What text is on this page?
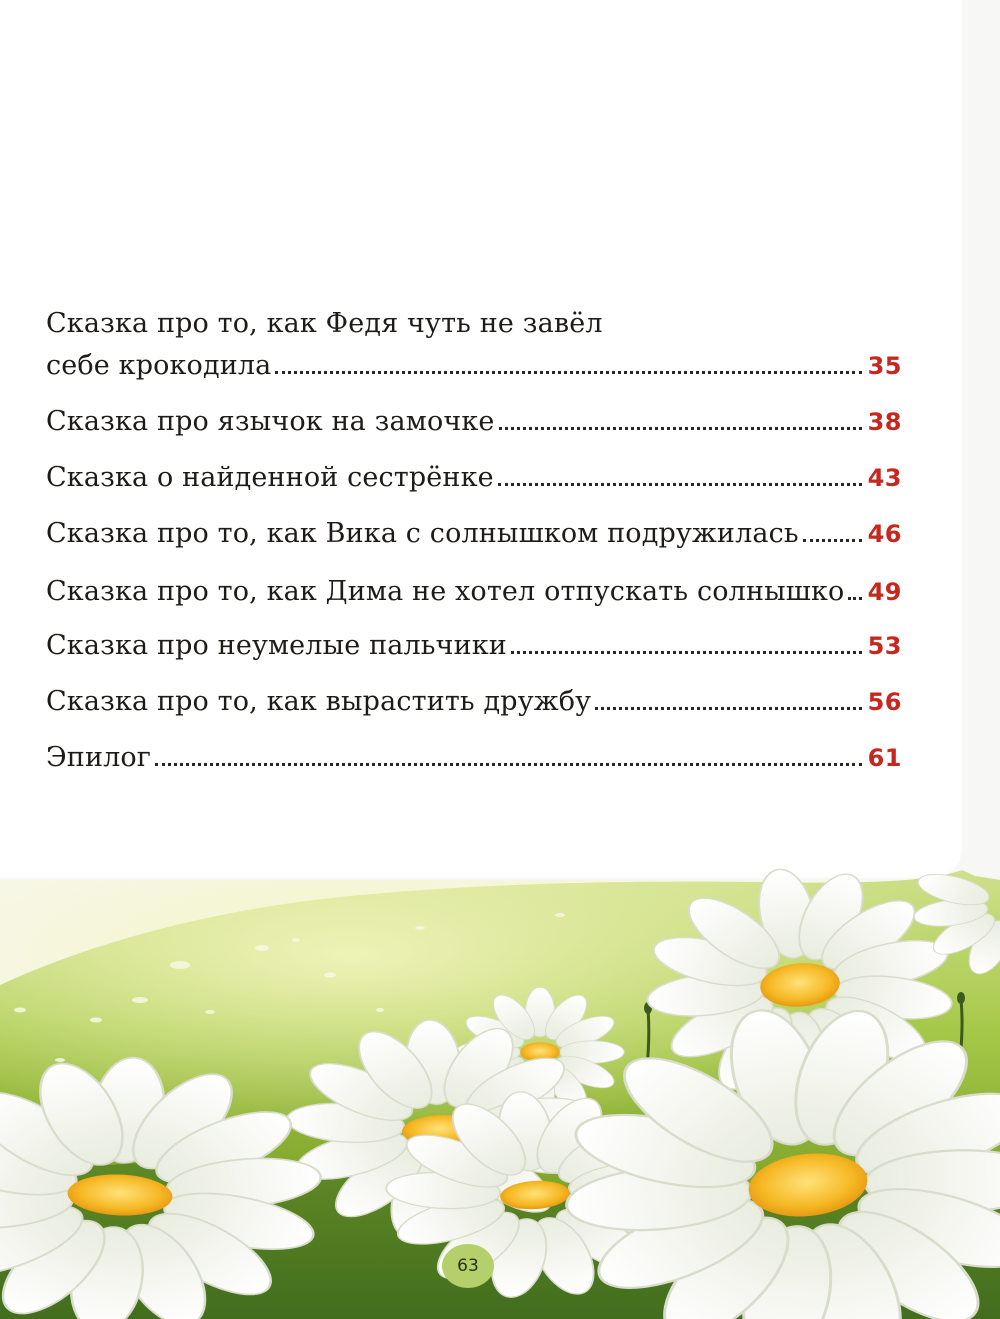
Сказка про то, как Федя чуть не завёл
себе крокодила	35
Сказка про язычок на замочке	38
Сказка о найденной сестрёнке	43
Сказка про то, как Вика с солнышком подружилась	46
Сказка про то, как Дима не хотел отпускать солнышко 49
Сказка про неумелые пальчики	53
Сказка про то, как вырастить дружбу	56
Эпилог	61
63
